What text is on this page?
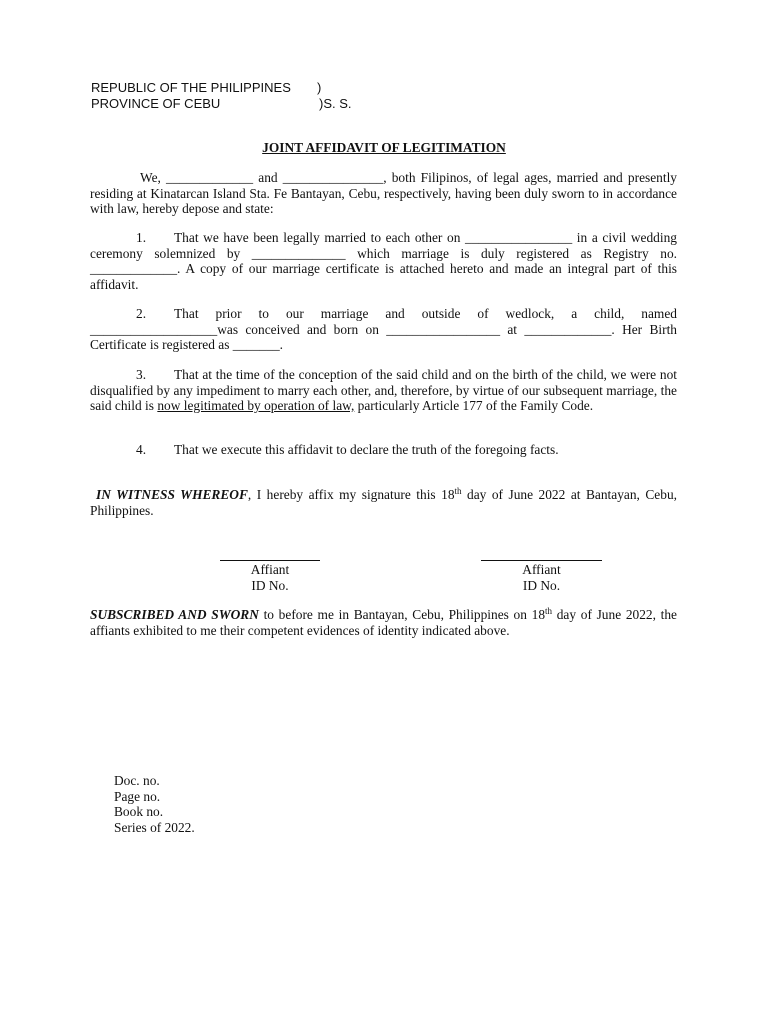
REPUBLIC OF THE PHILIPPINES )
PROVINCE OF CEBU	)S. S.
JOINT AFFIDAVIT OF LEGITIMATION
We, _____________ and _______________, both Filipinos, of legal ages, married and presently residing at Kinatarcan Island Sta. Fe Bantayan, Cebu, respectively, having been duly sworn to in accordance with law, hereby depose and state:
1. That we have been legally married to each other on ________________ in a civil wedding ceremony solemnized by ______________ which marriage is duly registered as Registry no. _____________. A copy of our marriage certificate is attached hereto and made an integral part of this affidavit.
2. That prior to our marriage and outside of wedlock, a child, named ___________________was conceived and born on _________________ at _____________. Her Birth Certificate is registered as _______.
3. That at the time of the conception of the said child and on the birth of the child, we were not disqualified by any impediment to marry each other, and, therefore, by virtue of our subsequent marriage, the said child is now legitimated by operation of law, particularly Article 177 of the Family Code.
4. That we execute this affidavit to declare the truth of the foregoing facts.
IN WITNESS WHEREOF, I hereby affix my signature this 18th day of June 2022 at Bantayan, Cebu, Philippines.
Affiant
ID No.
Affiant
ID No.
SUBSCRIBED AND SWORN to before me in Bantayan, Cebu, Philippines on 18th day of June 2022, the affiants exhibited to me their competent evidences of identity indicated above.
Doc. no.
Page no.
Book no.
Series of 2022.
